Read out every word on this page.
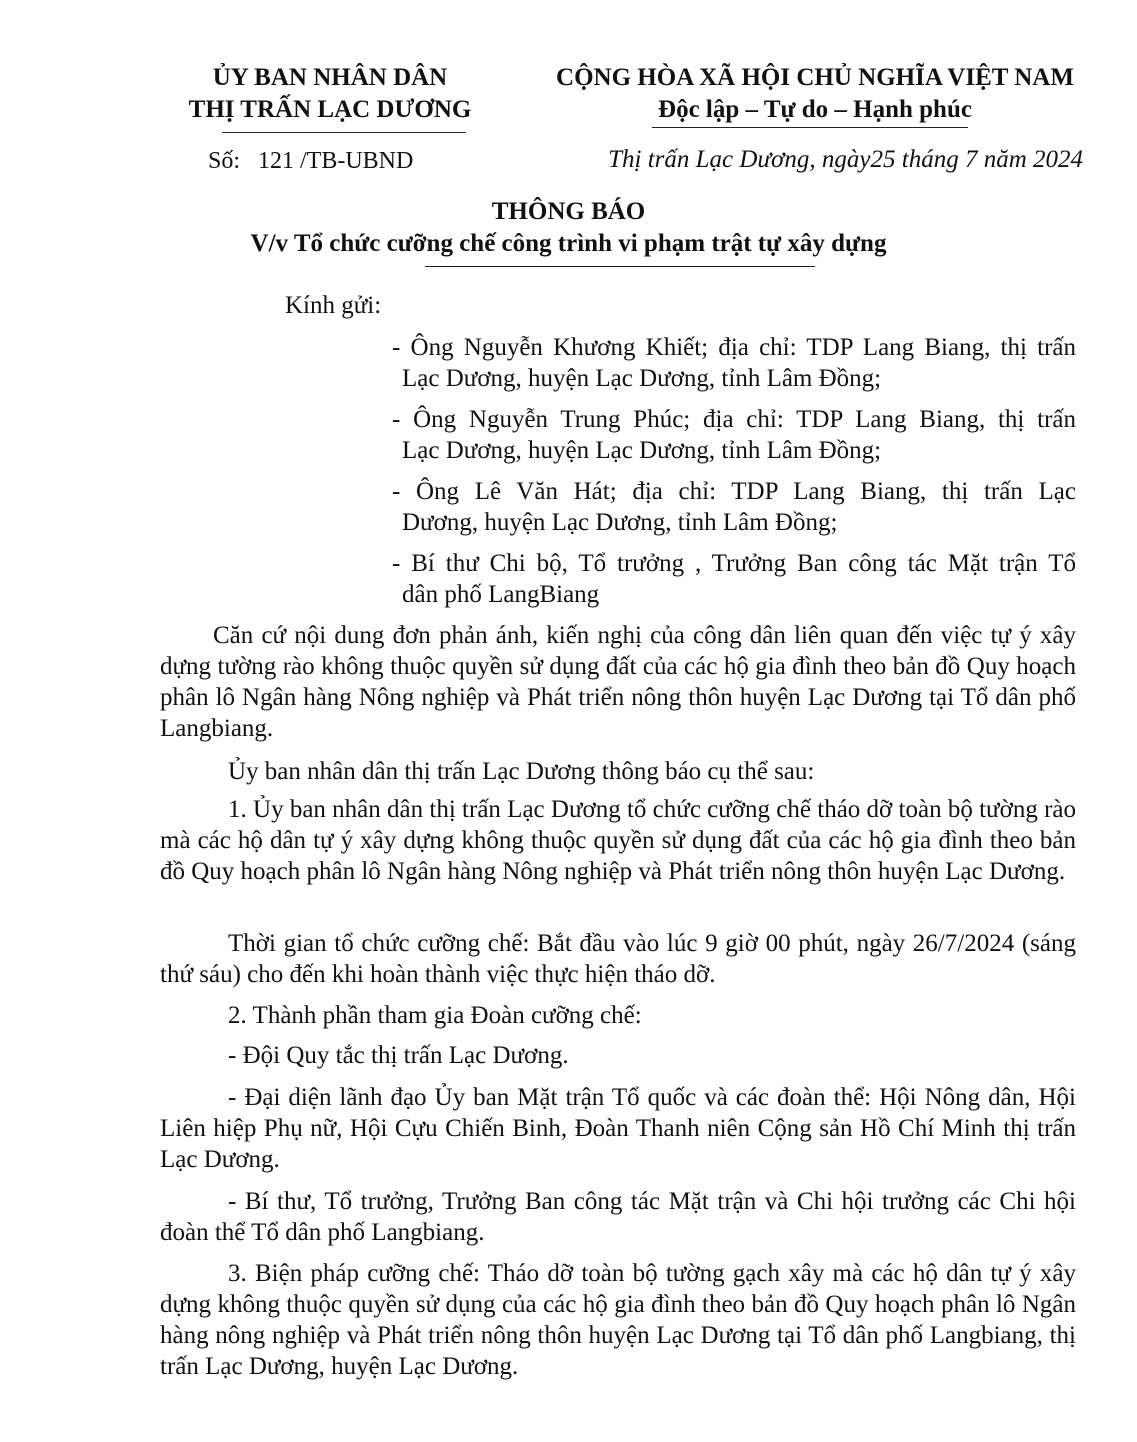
ỦY BAN NHÂN DÂN
THỊ TRẤN LẠC DƯƠNG
CỘNG HÒA XÃ HỘI CHỦ NGHĨA VIỆT NAM
Độc lập – Tự do – Hạnh phúc
Số:   121 /TB-UBND	Thị trấn Lạc Dương, ngày25 tháng 7 năm 2024
THÔNG BÁO
V/v Tổ chức cưỡng chế công trình vi phạm trật tự xây dựng
Kính gửi:
- Ông Nguyễn Khương Khiết; địa chỉ: TDP Lang Biang, thị trấn
Lạc Dương, huyện Lạc Dương, tỉnh Lâm Đồng;
- Ông Nguyễn Trung Phúc; địa chỉ: TDP Lang Biang, thị trấn
Lạc Dương, huyện Lạc Dương, tỉnh Lâm Đồng;
- Ông Lê Văn Hát; địa chỉ: TDP Lang Biang, thị trấn Lạc
Dương, huyện Lạc Dương, tỉnh Lâm Đồng;
- Bí thư Chi bộ, Tổ trưởng , Trưởng Ban công tác Mặt trận Tổ
dân phố LangBiang
Căn cứ nội dung đơn phản ánh, kiến nghị của công dân liên quan đến việc tự ý xây dựng tường rào không thuộc quyền sử dụng đất của các hộ gia đình theo bản đồ Quy hoạch phân lô Ngân hàng Nông nghiệp và Phát triển nông thôn huyện Lạc Dương tại Tổ dân phố Langbiang.
Ủy ban nhân dân thị trấn Lạc Dương thông báo cụ thể sau:
1. Ủy ban nhân dân thị trấn Lạc Dương tổ chức cưỡng chế tháo dỡ toàn bộ tường rào mà các hộ dân tự ý xây dựng không thuộc quyền sử dụng đất của các hộ gia đình theo bản đồ Quy hoạch phân lô Ngân hàng Nông nghiệp và Phát triển nông thôn huyện Lạc Dương.
Thời gian tổ chức cưỡng chế: Bắt đầu vào lúc 9 giờ 00 phút, ngày 26/7/2024 (sáng thứ sáu) cho đến khi hoàn thành việc thực hiện tháo dỡ.
2. Thành phần tham gia Đoàn cưỡng chế:
- Đội Quy tắc thị trấn Lạc Dương.
- Đại diện lãnh đạo Ủy ban Mặt trận Tổ quốc và các đoàn thể: Hội Nông dân, Hội Liên hiệp Phụ nữ, Hội Cựu Chiến Binh, Đoàn Thanh niên Cộng sản Hồ Chí Minh thị trấn Lạc Dương.
- Bí thư, Tổ trưởng, Trưởng Ban công tác Mặt trận và Chi hội trưởng các Chi hội đoàn thể Tổ dân phố Langbiang.
3. Biện pháp cưỡng chế: Tháo dỡ toàn bộ tường gạch xây mà các hộ dân tự ý xây dựng không thuộc quyền sử dụng của các hộ gia đình theo bản đồ Quy hoạch phân lô Ngân hàng nông nghiệp và Phát triển nông thôn huyện Lạc Dương tại Tổ dân phố Langbiang, thị trấn Lạc Dương, huyện Lạc Dương.
